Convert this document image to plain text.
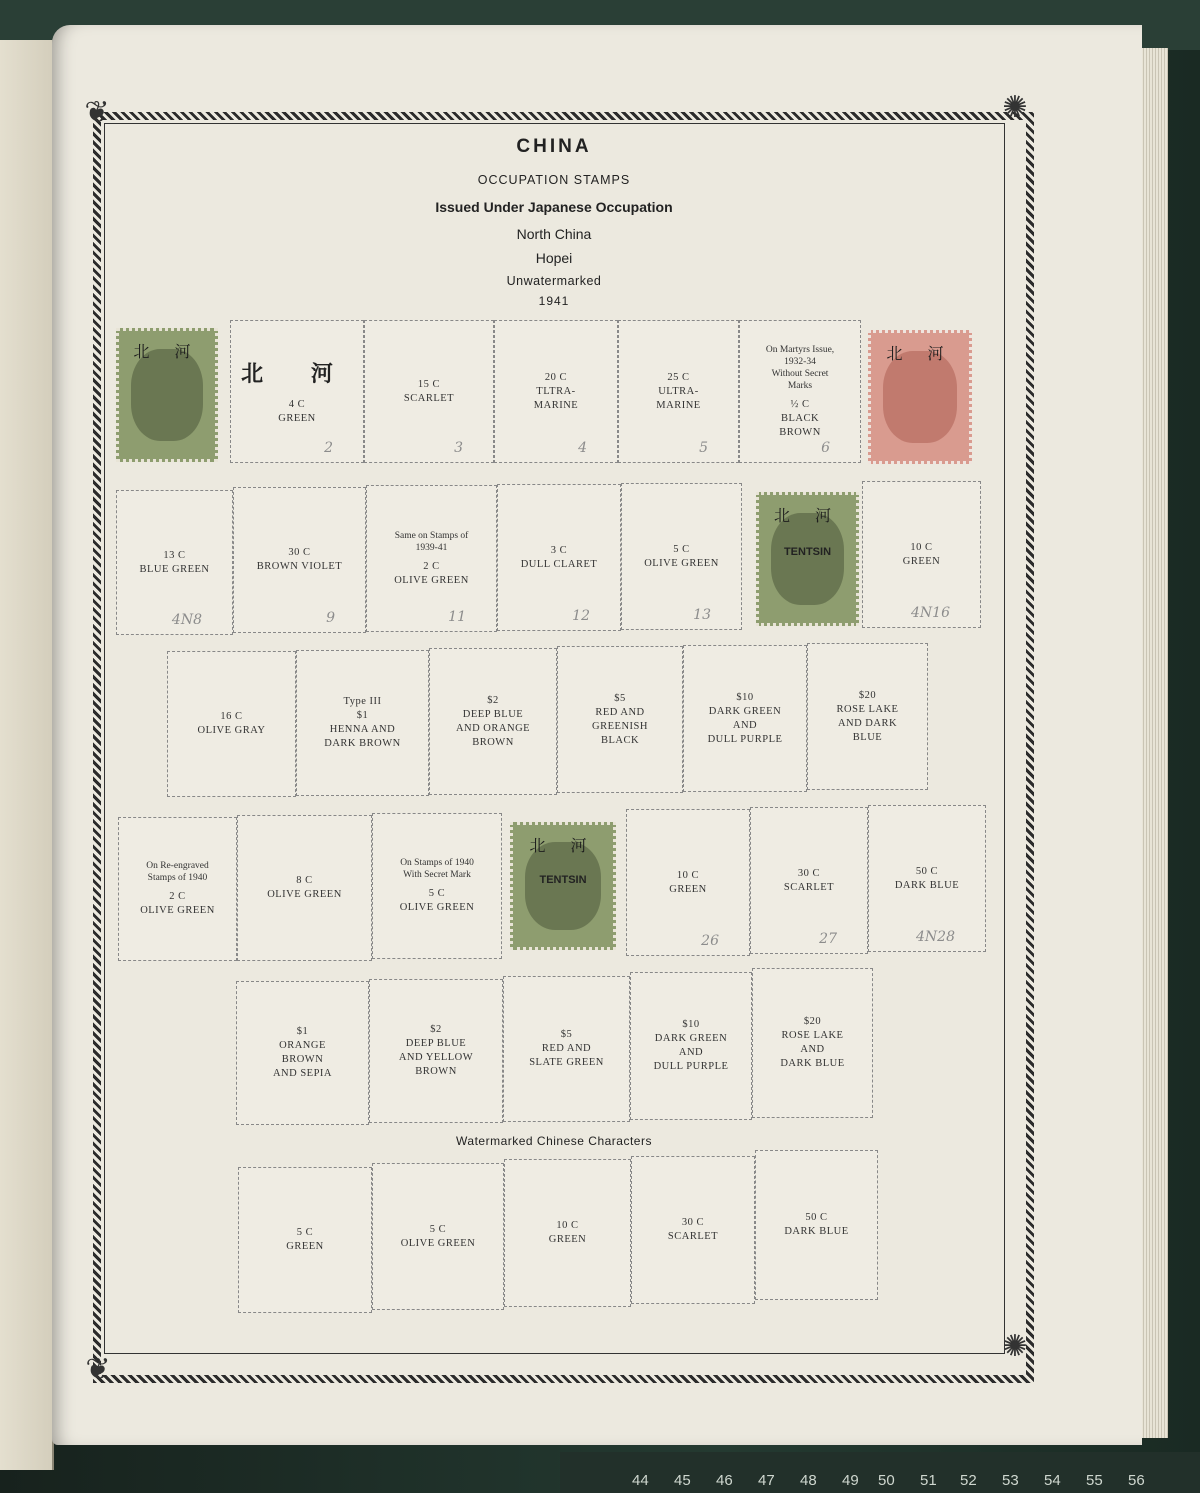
44 45 46 47 48 49 50 51 52 53 54 55 56
❦	✺
❦
✺
CHINA
OCCUPATION STAMPS
Issued Under Japanese Occupation
North China
Hopei
Unwatermarked
1941
北 河
北 河
4 C
GREEN
2
15 C
SCARLET
3
20 C
TLTRA-
MARINE
4
25 C
ULTRA-
MARINE
5
On Martyrs Issue,
1932-34
Without Secret
Marks
½ C
BLACK
BROWN
6
北 河
13 C
BLUE GREEN
4N8
30 C
BROWN VIOLET
9
Same on Stamps of
1939-41
2 C
OLIVE GREEN
11
3 C
DULL CLARET
12
5 C
OLIVE GREEN
13
北 河
TENTSIN	10 C
GREEN
4N16
16 C
OLIVE GRAY
Type III
$1
HENNA AND
DARK BROWN
$2
DEEP BLUE
AND ORANGE
BROWN
$5
RED AND
GREENISH
BLACK
$10
DARK GREEN
AND
DULL PURPLE
$20
ROSE LAKE
AND DARK
BLUE
On Re-engraved
Stamps of 1940
2 C
OLIVE GREEN
8 C
OLIVE GREEN
On Stamps of 1940
With Secret Mark
5 C
OLIVE GREEN
北 河
TENTSIN	10 C
GREEN
26
30 C
SCARLET
27
50 C
DARK BLUE
4N28
$1
ORANGE
BROWN
AND SEPIA
$2
DEEP BLUE
AND YELLOW
BROWN
$5
RED AND
SLATE GREEN
$10
DARK GREEN
AND
DULL PURPLE
$20
ROSE LAKE
AND
DARK BLUE
Watermarked Chinese Characters
5 C
GREEN
5 C
OLIVE GREEN
10 C
GREEN
30 C
SCARLET
50 C
DARK BLUE
